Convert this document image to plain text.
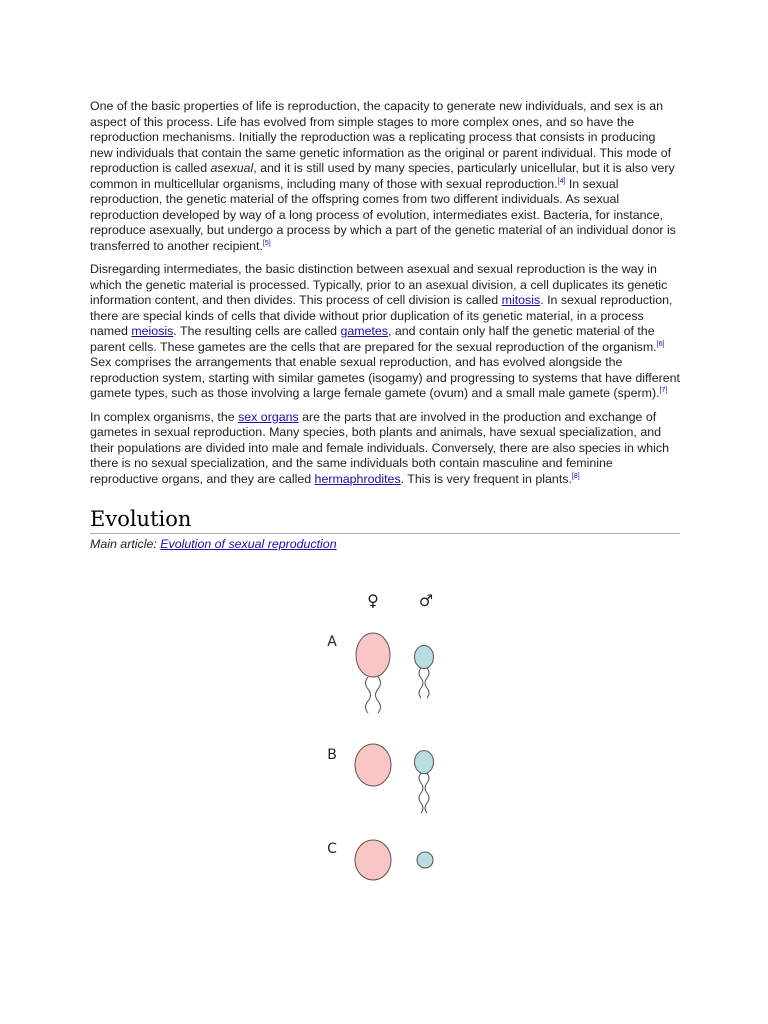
One of the basic properties of life is reproduction, the capacity to generate new individuals, and sex is an aspect of this process. Life has evolved from simple stages to more complex ones, and so have the reproduction mechanisms. Initially the reproduction was a replicating process that consists in producing new individuals that contain the same genetic information as the original or parent individual. This mode of reproduction is called asexual, and it is still used by many species, particularly unicellular, but it is also very common in multicellular organisms, including many of those with sexual reproduction.[4] In sexual reproduction, the genetic material of the offspring comes from two different individuals. As sexual reproduction developed by way of a long process of evolution, intermediates exist. Bacteria, for instance, reproduce asexually, but undergo a process by which a part of the genetic material of an individual donor is transferred to another recipient.[5]

Disregarding intermediates, the basic distinction between asexual and sexual reproduction is the way in which the genetic material is processed. Typically, prior to an asexual division, a cell duplicates its genetic information content, and then divides. This process of cell division is called mitosis. In sexual reproduction, there are special kinds of cells that divide without prior duplication of its genetic material, in a process named meiosis. The resulting cells are called gametes, and contain only half the genetic material of the parent cells. These gametes are the cells that are prepared for the sexual reproduction of the organism.[6] Sex comprises the arrangements that enable sexual reproduction, and has evolved alongside the reproduction system, starting with similar gametes (isogamy) and progressing to systems that have different gamete types, such as those involving a large female gamete (ovum) and a small male gamete (sperm).[7]

In complex organisms, the sex organs are the parts that are involved in the production and exchange of gametes in sexual reproduction. Many species, both plants and animals, have sexual specialization, and their populations are divided into male and female individuals. Conversely, there are also species in which there is no sexual specialization, and the same individuals both contain masculine and feminine reproductive organs, and they are called hermaphrodites. This is very frequent in plants.[8]

Evolution
Main article: Evolution of sexual reproduction
♀ ♂
A
B
C
